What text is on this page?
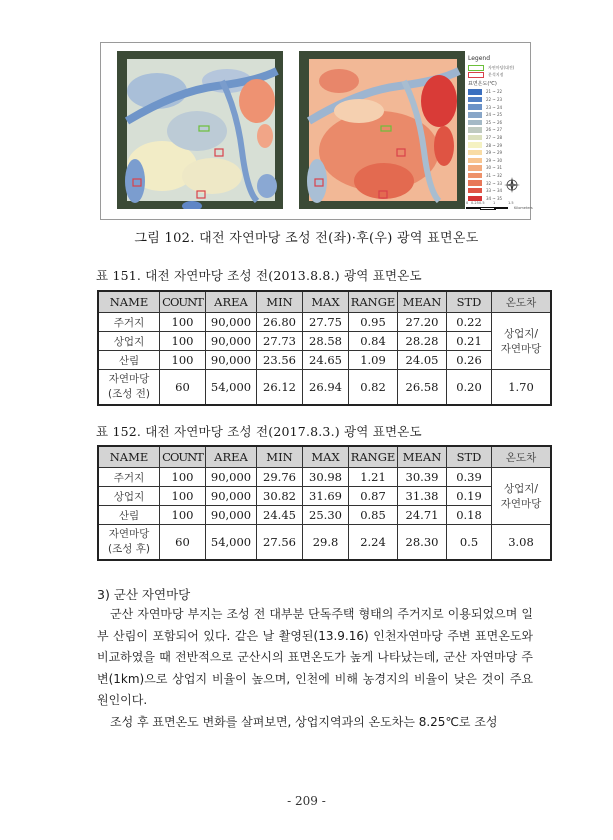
Legend
자연마당(대전)
분석지점
표면온도(℃)
21 ~ 22
22 ~ 23
23 ~ 24
24 ~ 25
25 ~ 26
26 ~ 27
27 ~ 28
28 ~ 29
29 ~ 29
29 ~ 30
30 ~ 31
31 ~ 32
32 ~ 33
33 ~ 34
34 ~ 35
0 0.25 0.5 1	1.5
Kilometers
그림 102. 대전 자연마당 조성 전(좌)·후(우) 광역 표면온도
표 151. 대전 자연마당 조성 전(2013.8.8.) 광역 표면온도
NAME	COUNT	AREA	MIN	MAX	RANGE	MEAN	STD	온도차
주거지	100	90,000	26.80	27.75	0.95	27.20	0.22	상업지/
자연마당

상업지	100	90,000	27.73	28.58	0.84	28.28	0.21	
산림	100	90,000	23.56	24.65	1.09	24.05	0.26	

자연마당
(조성 전)	60	54,000	26.12	26.94	0.82	26.58	0.20	1.70
표 152. 대전 자연마당 조성 전(2017.8.3.) 광역 표면온도
NAME	COUNT	AREA	MIN	MAX	RANGE	MEAN	STD	온도차
주거지	100	90,000	29.76	30.98	1.21	30.39	0.39	상업지/
자연마당

상업지	100	90,000	30.82	31.69	0.87	31.38	0.19	
산림	100	90,000	24.45	25.30	0.85	24.71	0.18	

자연마당
(조성 후)	60	54,000	27.56	29.8	2.24	28.30	0.5	3.08
3) 군산 자연마당

군산 자연마당 부지는 조성 전 대부분 단독주택 형태의 주거지로 이용되었으며 일부 산림이 포함되어 있다. 같은 날 촬영된(13.9.16) 인천자연마당 주변 표면온도와 비교하였을 때 전반적으로 군산시의 표면온도가 높게 나타났는데, 군산 자연마당 주변(1km)으로 상업지 비율이 높으며, 인천에 비해 농경지의 비율이 낮은 것이 주요 원인이다.

조성 후 표면온도 변화를 살펴보면, 상업지역과의 온도차는 8.25℃로 조성

- 209 -
